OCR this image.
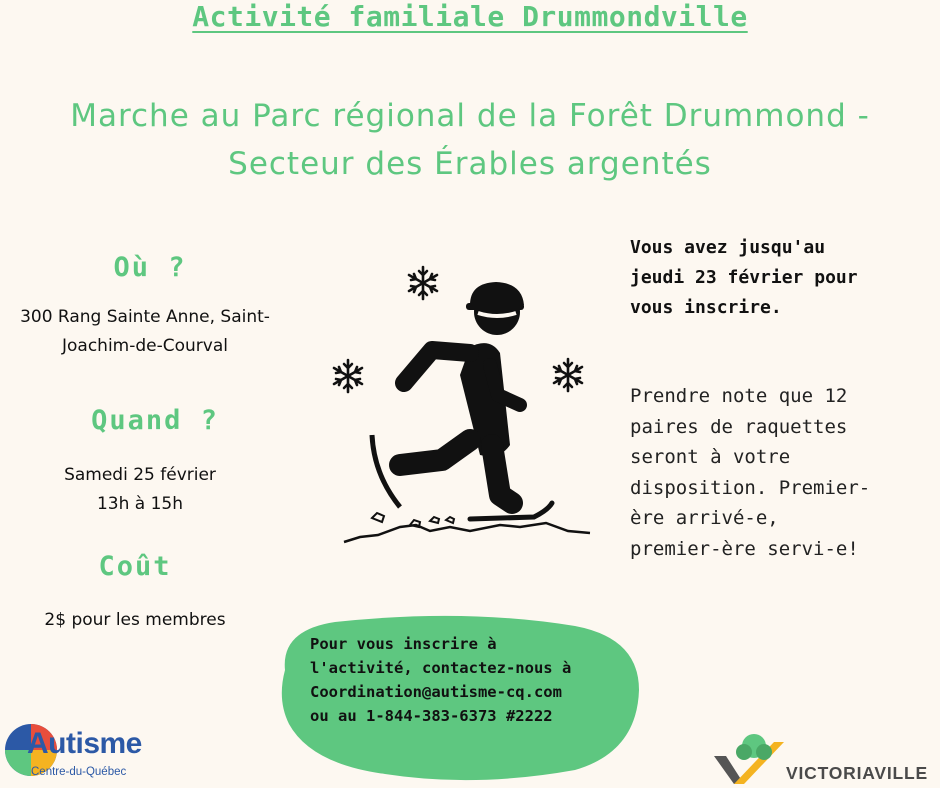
Activité familiale Drummondville
Marche au Parc régional de la Forêt Drummond -
Secteur des Érables argentés
Où ?
300 Rang Sainte Anne, Saint-
Joachim-de-Courval
Quand ?
Samedi 25 février
13h à 15h
Coût
2$ pour les membres
Vous avez jusqu'au
jeudi 23 février pour
vous inscrire.
Prendre note que 12
paires de raquettes
seront à votre
disposition. Premier-
ère arrivé-e,
premier-ère servi-e!
Pour vous inscrire à
l'activité, contactez-nous à
Coordination@autisme-cq.com
ou au 1-844-383-6373 #2222
Autisme
Centre-du-Québec	VICTORIAVILLE
